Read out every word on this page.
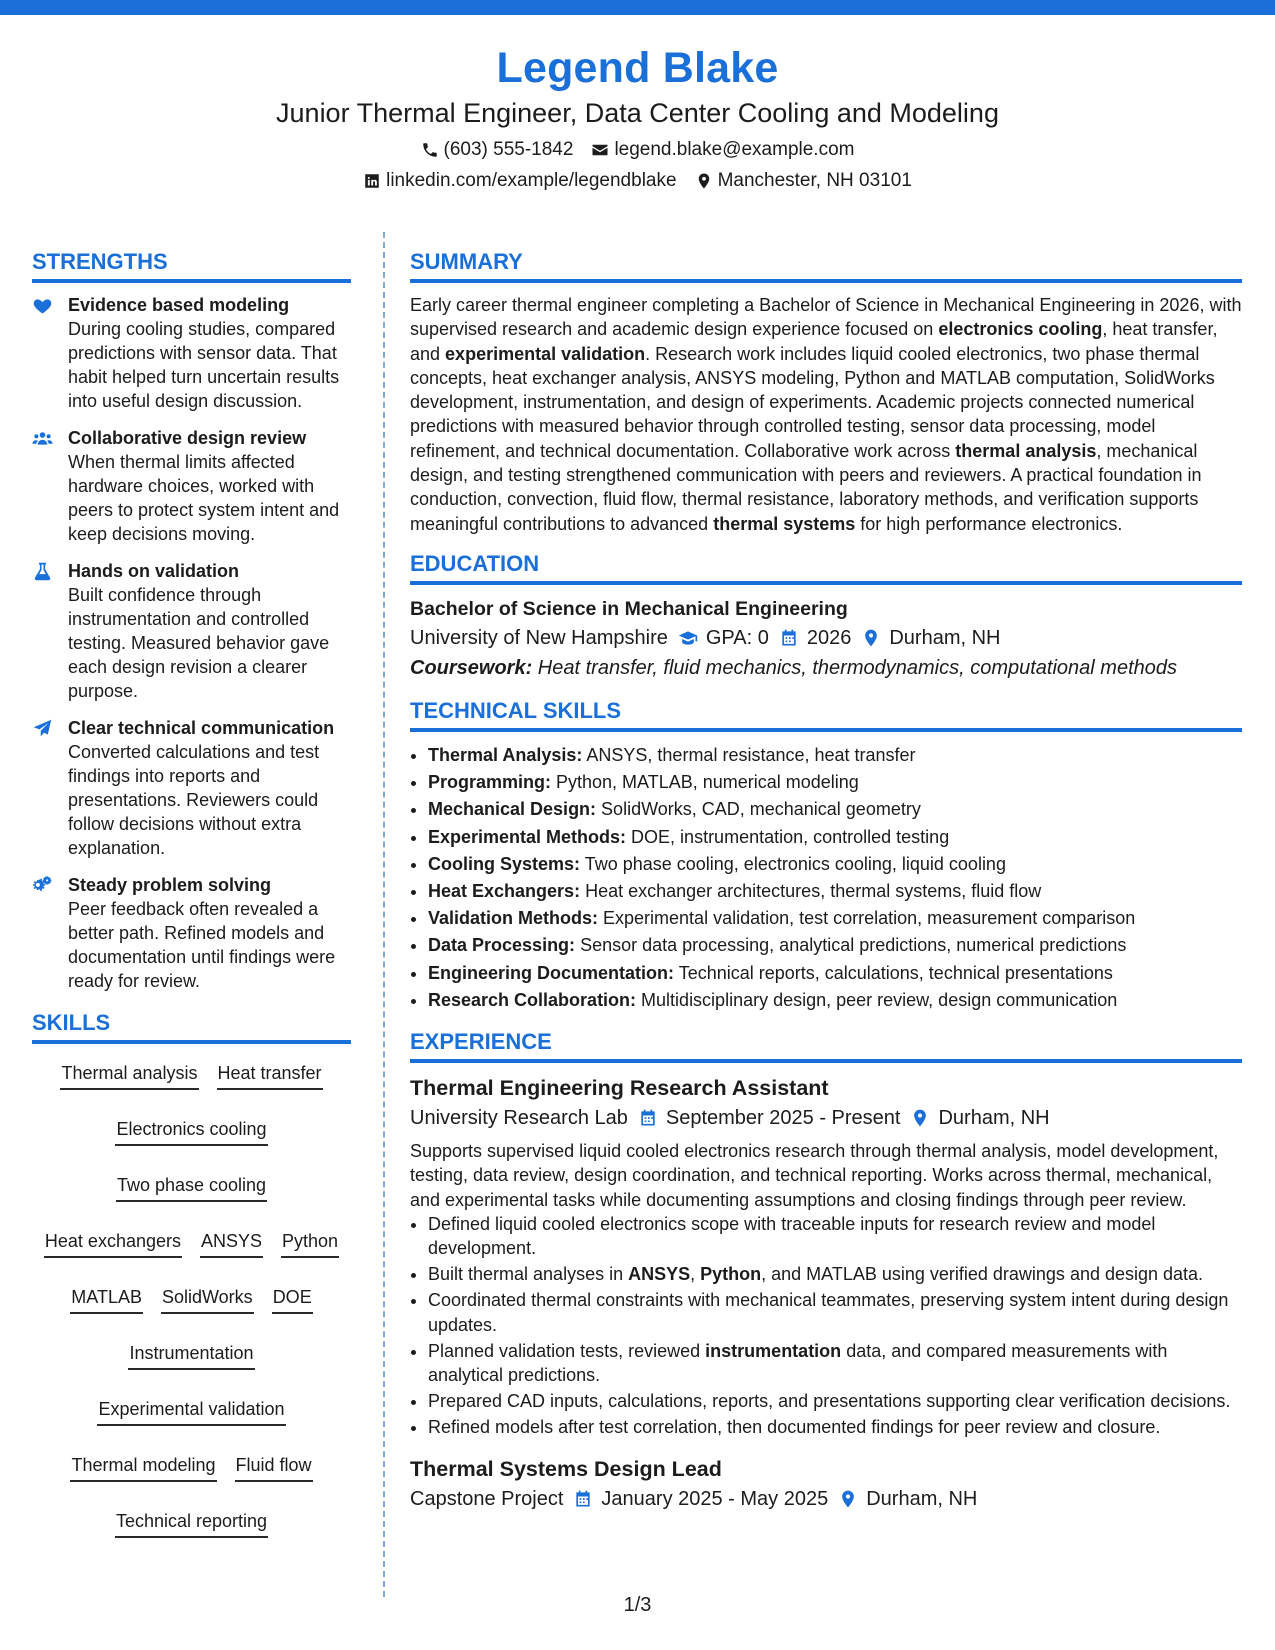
Legend Blake
Junior Thermal Engineer, Data Center Cooling and Modeling
(603) 555-1842 legend.blake@example.com
linkedin.com/example/legendblake Manchester, NH 03101
STRENGTHS
Evidence based modeling
During cooling studies, compared predictions with sensor data. That habit helped turn uncertain results into useful design discussion.
Collaborative design review
When thermal limits affected hardware choices, worked with peers to protect system intent and keep decisions moving.
Hands on validation
Built confidence through instrumentation and controlled testing. Measured behavior gave each design revision a clearer purpose.
Clear technical communication
Converted calculations and test findings into reports and presentations. Reviewers could follow decisions without extra explanation.
Steady problem solving
Peer feedback often revealed a better path. Refined models and documentation until findings were ready for review.
SKILLS
Thermal analysis Heat transfer
Electronics cooling
Two phase cooling
Heat exchangers ANSYS Python
MATLAB SolidWorks DOE
Instrumentation
Experimental validation
Thermal modeling Fluid flow
Technical reporting
SUMMARY

Early career thermal engineer completing a Bachelor of Science in Mechanical Engineering in 2026, with supervised research and academic design experience focused on electronics cooling, heat transfer, and experimental validation. Research work includes liquid cooled electronics, two phase thermal concepts, heat exchanger analysis, ANSYS modeling, Python and MATLAB computation, SolidWorks development, instrumentation, and design of experiments. Academic projects connected numerical predictions with measured behavior through controlled testing, sensor data processing, model refinement, and technical documentation. Collaborative work across thermal analysis, mechanical design, and testing strengthened communication with peers and reviewers. A practical foundation in conduction, convection, fluid flow, thermal resistance, laboratory methods, and verification supports meaningful contributions to advanced thermal systems for high performance electronics.

EDUCATION
Bachelor of Science in Mechanical Engineering
University of New Hampshire GPA: 0 2026 Durham, NH
Coursework: Heat transfer, fluid mechanics, thermodynamics, computational methods
TECHNICAL SKILLS
• Thermal Analysis: ANSYS, thermal resistance, heat transfer
• Programming: Python, MATLAB, numerical modeling
• Mechanical Design: SolidWorks, CAD, mechanical geometry
• Experimental Methods: DOE, instrumentation, controlled testing
• Cooling Systems: Two phase cooling, electronics cooling, liquid cooling
• Heat Exchangers: Heat exchanger architectures, thermal systems, fluid flow
• Validation Methods: Experimental validation, test correlation, measurement comparison
• Data Processing: Sensor data processing, analytical predictions, numerical predictions
• Engineering Documentation: Technical reports, calculations, technical presentations
• Research Collaboration: Multidisciplinary design, peer review, design communication
EXPERIENCE
Thermal Engineering Research Assistant
University Research Lab September 2025 - Present Durham, NH

Supports supervised liquid cooled electronics research through thermal analysis, model development, testing, data review, design coordination, and technical reporting. Works across thermal, mechanical, and experimental tasks while documenting assumptions and closing findings through peer review.

• Defined liquid cooled electronics scope with traceable inputs for research review and model development.
• Built thermal analyses in ANSYS, Python, and MATLAB using verified drawings and design data.
• Coordinated thermal constraints with mechanical teammates, preserving system intent during design updates.
• Planned validation tests, reviewed instrumentation data, and compared measurements with analytical predictions.
• Prepared CAD inputs, calculations, reports, and presentations supporting clear verification decisions.
• Refined models after test correlation, then documented findings for peer review and closure.
Thermal Systems Design Lead
Capstone Project January 2025 - May 2025 Durham, NH
1/3
